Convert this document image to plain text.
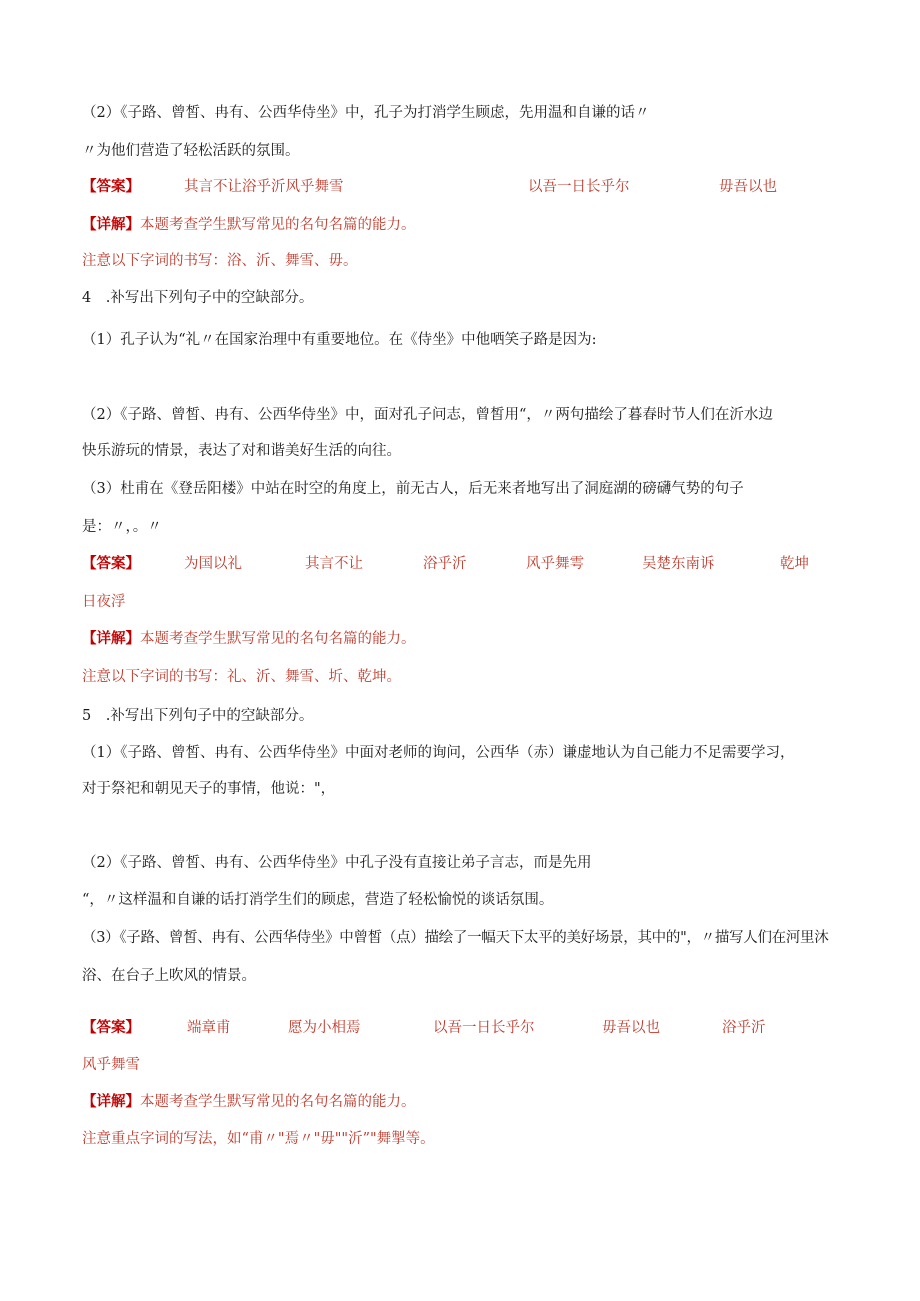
（2）《子路、曾皙、冉有、公西华侍坐》中，孔子为打消学生顾虑，先用温和自谦的话〃
〃为他们营造了轻松活跃的氛围。
【答案】	其言不让浴乎沂风乎舞雪	以吾一日长乎尔	毋吾以也
【详解】本题考查学生默写常见的名句名篇的能力。
注意以下字词的书写：浴、沂、舞雪、毋。
4　.补写出下列句子中的空缺部分。
（1）孔子认为“礼〃在国家治理中有重要地位。在《侍坐》中他哂笑子路是因为:
（2）《子路、曾皙、冉有、公西华侍坐》中，面对孔子问志，曾皙用“，〃两句描绘了暮春时节人们在沂水边
快乐游玩的情景，表达了对和谐美好生活的向往。
（3）杜甫在《登岳阳楼》中站在时空的角度上，前无古人，后无来者地写出了洞庭湖的磅礴气势的句子
是：〃，。〃
【答案】	为国以礼	其言不让	浴乎沂	风乎舞雩	吴楚东南诉	乾坤
日夜浮
【详解】本题考查学生默写常见的名句名篇的能力。
注意以下字词的书写：礼、沂、舞雪、圻、乾坤。
5　.补写出下列句子中的空缺部分。
（1）《子路、曾皙、冉有、公西华侍坐》中面对老师的询问，公西华（赤）谦虚地认为自己能力不足需要学习，
对于祭祀和朝见天子的事情，他说："，
（2）《子路、曾皙、冉有、公西华侍坐》中孔子没有直接让弟子言志，而是先用
“，〃这样温和自谦的话打消学生们的顾虑，营造了轻松愉悦的谈话氛围。
（3）《子路、曾皙、冉有、公西华侍坐》中曾皙（点）描绘了一幅天下太平的美好场景，其中的"，〃描写人们在河里沐
浴、在台子上吹风的情景。
【答案】	端章甫	愿为小相焉	以吾一日长乎尔	毋吾以也	浴乎沂
风乎舞雪
【详解】本题考查学生默写常见的名句名篇的能力。
注意重点字词的写法，如“甫〃"焉〃"毋""沂”"舞掣等。
